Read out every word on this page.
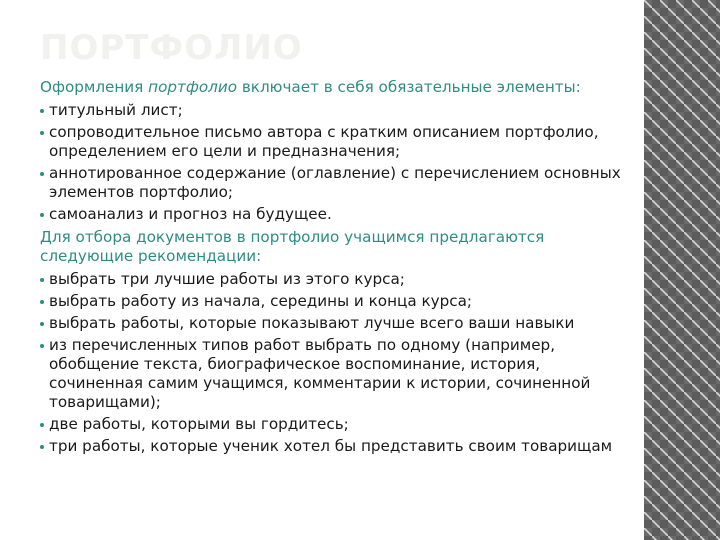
ПОРТФОЛИО
Оформления портфолио включает в себя обязательные элементы:
титульный лист;
сопроводительное письмо автора с кратким описанием портфолио, определением его цели и предназначения;
аннотированное содержание (оглавление) с перечислением основных элементов портфолио;
самоанализ и прогноз на будущее.
Для отбора документов в портфолио учащимся предлагаются следующие рекомендации:
выбрать три лучшие работы из этого курса;
выбрать работу из начала, середины и конца курса;
выбрать работы, которые показывают лучше всего ваши навыки
из перечисленных типов работ выбрать по одному (например, обобщение текста, биографическое воспоминание, история, сочиненная самим учащимся, комментарии к истории, сочиненной товарищами);
две работы, которыми вы гордитесь;
три работы, которые ученик хотел бы представить своим товарищам
